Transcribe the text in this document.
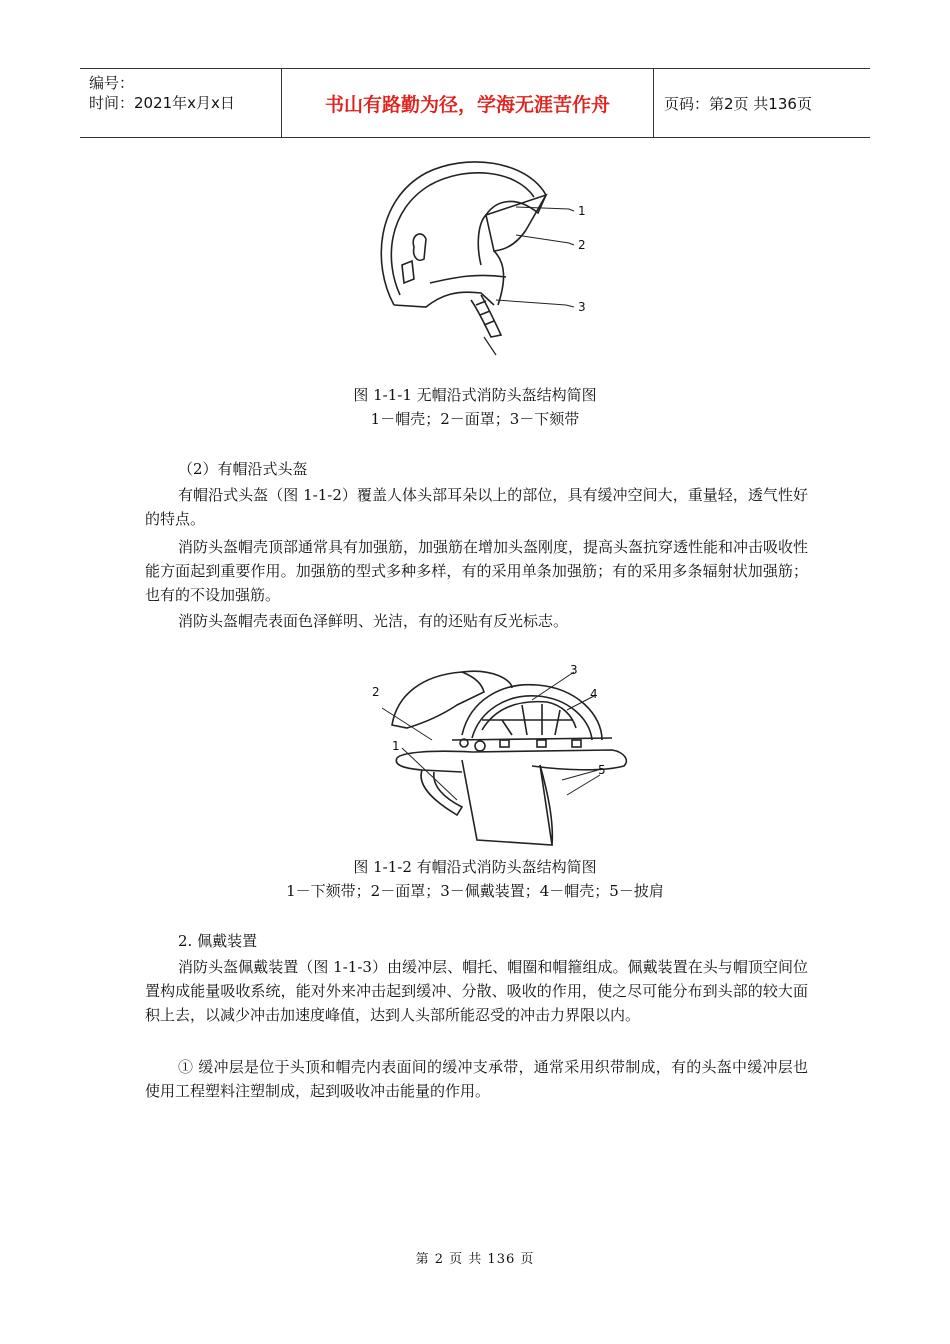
编号：
时间：2021年x月x日	书山有路勤为径，学海无涯苦作舟	页码：第2页 共136页
1
2
3
图 1-1-1 无帽沿式消防头盔结构简图
1－帽壳；2－面罩；3－下颏带
（2）有帽沿式头盔
有帽沿式头盔（图 1-1-2）覆盖人体头部耳朵以上的部位，具有缓冲空间大，重量轻，透气性好的特点。
消防头盔帽壳顶部通常具有加强筋，加强筋在增加头盔刚度，提高头盔抗穿透性能和冲击吸收性能方面起到重要作用。加强筋的型式多种多样，有的采用单条加强筋；有的采用多条辐射状加强筋；也有的不设加强筋。
消防头盔帽壳表面色泽鲜明、光洁，有的还贴有反光标志。
2
3
4
1
5
图 1-1-2 有帽沿式消防头盔结构简图
1－下颏带；2－面罩；3－佩戴装置；4－帽壳；5－披肩
2. 佩戴装置
消防头盔佩戴装置（图 1-1-3）由缓冲层、帽托、帽圈和帽箍组成。佩戴装置在头与帽顶空间位置构成能量吸收系统，能对外来冲击起到缓冲、分散、吸收的作用，使之尽可能分布到头部的较大面积上去，以减少冲击加速度峰值，达到人头部所能忍受的冲击力界限以内。
① 缓冲层是位于头顶和帽壳内表面间的缓冲支承带，通常采用织带制成，有的头盔中缓冲层也使用工程塑料注塑制成，起到吸收冲击能量的作用。
第 2 页 共 136 页
